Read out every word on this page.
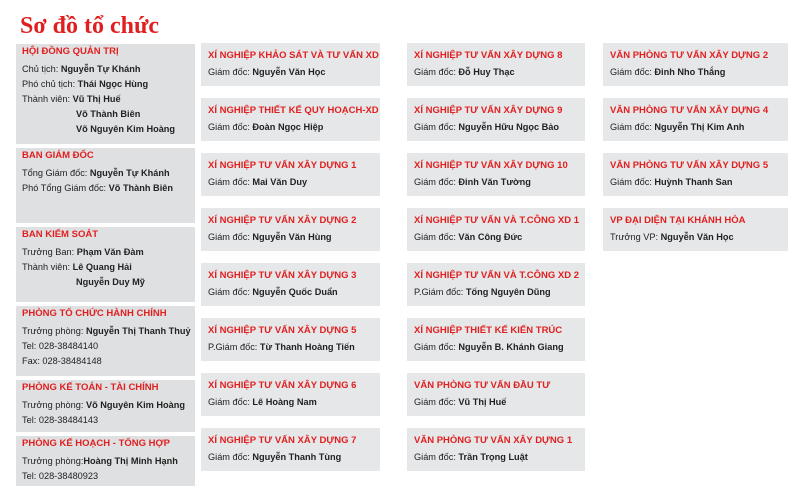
Sơ đồ tổ chức
HỘI ĐỒNG QUẢN TRỊ
Chủ tịch: Nguyễn Tự Khánh
Phó chủ tịch: Thái Ngọc Hùng
Thành viên: Vũ Thị Huế
Võ Thành Biên
Võ Nguyên Kim Hoàng
BAN GIÁM ĐỐC
Tổng Giám đốc: Nguyễn Tự Khánh
Phó Tổng Giám đốc: Võ Thành Biên
BAN KIỂM SOÁT
Trưởng Ban: Phạm Văn Đàm
Thành viên: Lê Quang Hải
Nguyễn Duy Mỹ
PHÒNG TỔ CHỨC HÀNH CHÍNH
Trưởng phòng: Nguyễn Thị Thanh Thuỷ
Tel: 028-38484140
Fax: 028-38484148
PHÒNG KẾ TOÁN - TÀI CHÍNH
Trưởng phòng: Võ Nguyên Kim Hoàng
Tel: 028-38484143
PHÒNG KẾ HOẠCH - TỔNG HỢP
Trưởng phòng:Hoàng Thị Minh Hạnh
Tel: 028-38480923
XÍ NGHIỆP KHẢO SÁT VÀ TƯ VẤN XD
Giám đốc: Nguyễn Văn Học
XÍ NGHIỆP THIẾT KẾ QUY HOẠCH-XD
Giám đốc: Đoàn Ngọc Hiệp
XÍ NGHIỆP TƯ VẤN XÂY DỰNG 1
Giám đốc: Mai Văn Duy
XÍ NGHIỆP TƯ VẤN XÂY DỰNG 2
Giám đốc: Nguyễn Văn Hùng
XÍ NGHIỆP TƯ VẤN XÂY DỰNG 3
Giám đốc: Nguyễn Quốc Duẩn
XÍ NGHIỆP TƯ VẤN XÂY DỰNG 5
P.Giám đốc: Từ Thanh Hoàng Tiến
XÍ NGHIỆP TƯ VẤN XÂY DỰNG 6
Giám đốc: Lê Hoàng Nam
XÍ NGHIỆP TƯ VẤN XÂY DỰNG 7
Giám đốc: Nguyễn Thanh Tùng
XÍ NGHIỆP TƯ VẤN XÂY DỰNG 8
Giám đốc: Đỗ Huy Thạc
XÍ NGHIỆP TƯ VẤN XÂY DỰNG 9
Giám đốc: Nguyễn Hữu Ngọc Bảo
XÍ NGHIỆP TƯ VẤN XÂY DỰNG 10
Giám đốc: Đinh Văn Tường
XÍ NGHIỆP TƯ VẤN VÀ T.CÔNG XD 1
Giám đốc: Văn Công Đức
XÍ NGHIỆP TƯ VẤN VÀ T.CÔNG XD 2
P.Giám đốc: Tống Nguyên Dũng
XÍ NGHIỆP THIẾT KẾ KIẾN TRÚC
Giám đốc: Nguyễn B. Khánh Giang
VĂN PHÒNG TƯ VẤN ĐẦU TƯ
Giám đốc: Vũ Thị Huế
VĂN PHÒNG TƯ VẤN XÂY DỰNG 1
Giám đốc: Trần Trọng Luật
VĂN PHÒNG TƯ VẤN XÂY DỰNG 2
Giám đốc: Đinh Nho Thắng
VĂN PHÒNG TƯ VẤN XÂY DỰNG 4
Giám đốc: Nguyễn Thị Kim Anh
VĂN PHÒNG TƯ VẤN XÂY DỰNG 5
Giám đốc: Huỳnh Thanh San
VP ĐẠI DIỆN TẠI KHÁNH HÒA
Trưởng VP: Nguyễn Văn Học
